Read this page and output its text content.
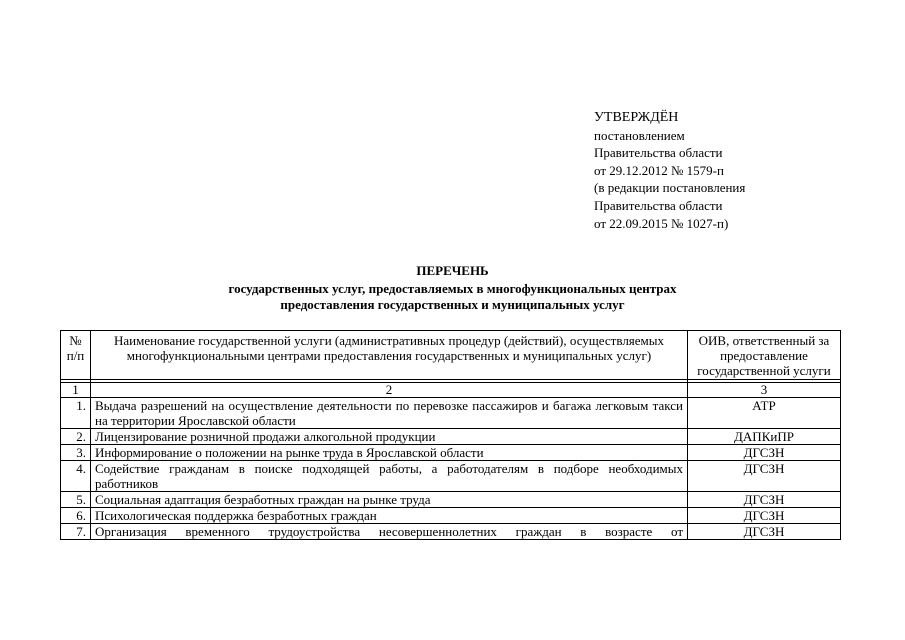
УТВЕРЖДЁН
постановлением
Правительства области
от 29.12.2012 № 1579-п
(в редакции постановления
Правительства области
от 22.09.2015 № 1027-п)
ПЕРЕЧЕНЬ
государственных услуг, предоставляемых в многофункциональных центрах
предоставления государственных и муниципальных услуг
№ п/п	Наименование государственной услуги (административных процедур (действий), осуществляемых многофункциональными центрами предоставления государственных и муниципальных услуг)	ОИВ, ответственный за предоставление государственной услуги

1	2	3
1.	Выдача разрешений на осуществление деятельности по перевозке пассажиров и багажа легковым такси на территории Ярославской области	АТР
2.	Лицензирование розничной продажи алкогольной продукции	ДАПКиПР
3.	Информирование о положении на рынке труда в Ярославской области	ДГСЗН
4.	Содействие гражданам в поиске подходящей работы, а работодателям в подборе необходимых работников	ДГСЗН
5.	Социальная адаптация безработных граждан на рынке труда	ДГСЗН
6.	Психологическая поддержка безработных граждан	ДГСЗН
7.	Организация временного трудоустройства несовершеннолетних граждан в возрасте от	ДГСЗН
